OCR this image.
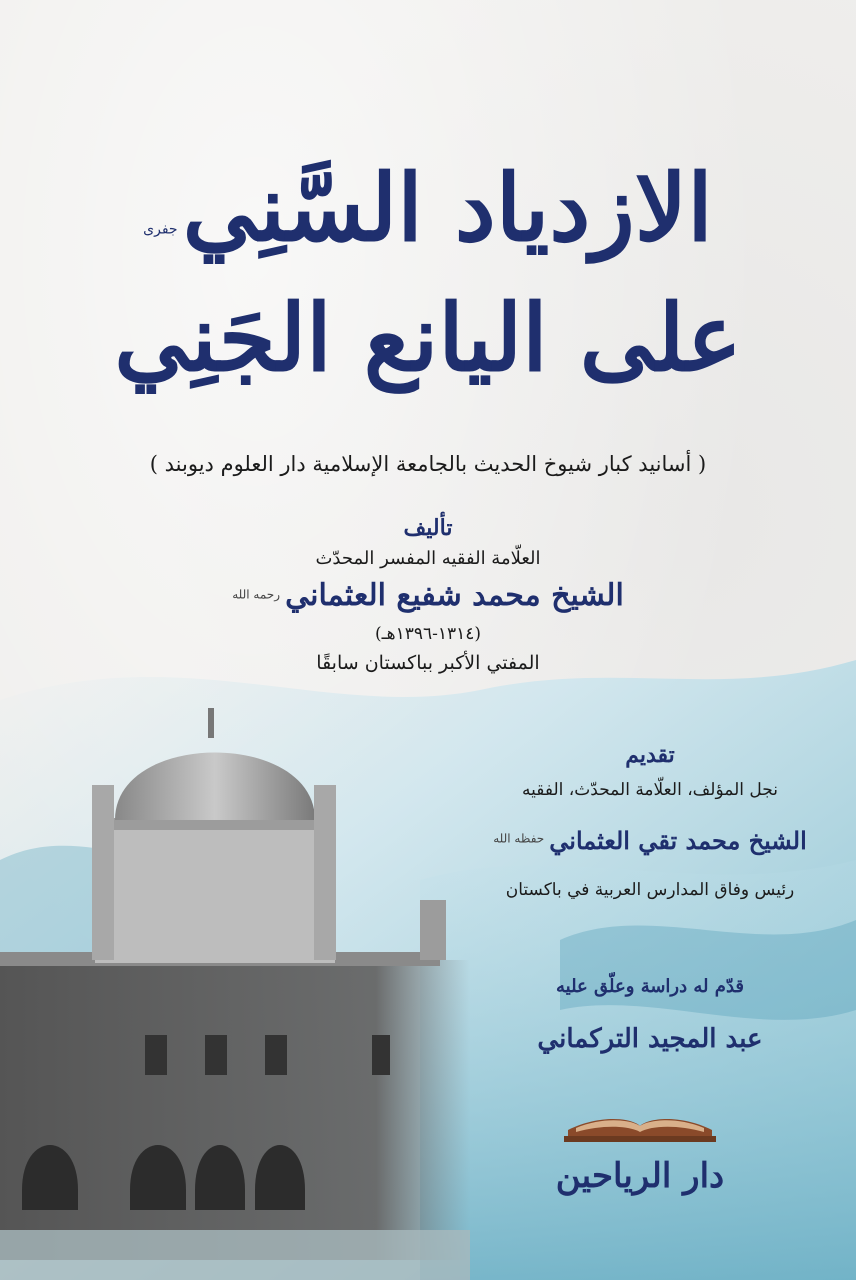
الازدياد السَّنِي جفرى
على اليانع الجَنِي
( أسانيد كبار شيوخ الحديث بالجامعة الإسلامية دار العلوم ديوبند )
تأليف
العلّامة الفقيه المفسر المحدّث
الشيخ محمد شفيع العثماني $^{رحمه الله}$
(١٣١٤-١٣٩٦هـ)
المفتي الأكبر بباكستان سابقًا
تقديم
نجل المؤلف، العلّامة المحدّث، الفقيه
الشيخ محمد تقي العثماني $^{حفظه الله}$
رئيس وفاق المدارس العربية في باكستان
قدّم له دراسة وعلّق عليه
عبد المجيد التركماني
دار الرياحين
